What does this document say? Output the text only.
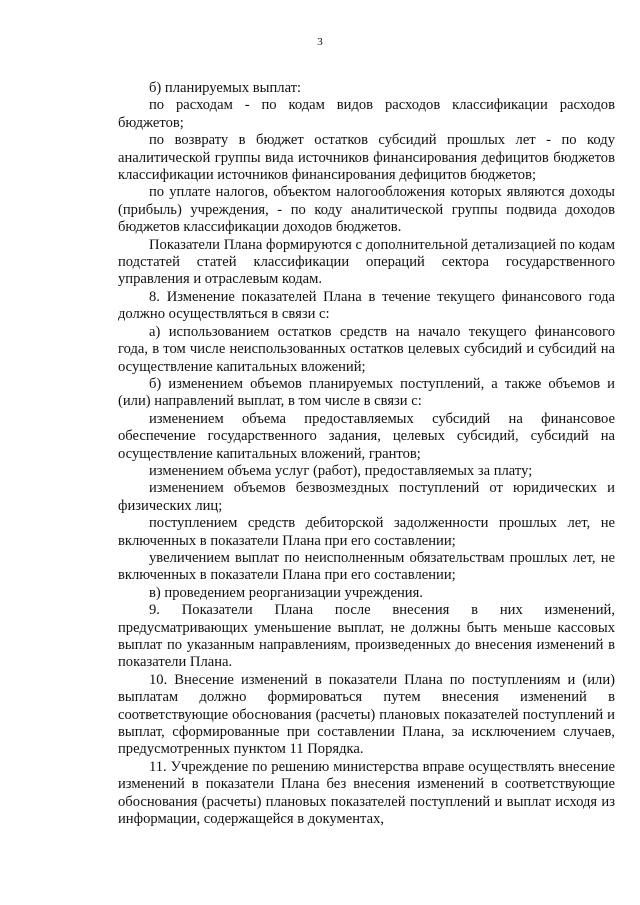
3

б) планируемых выплат:

по расходам - по кодам видов расходов классификации расходов бюджетов;

по возврату в бюджет остатков субсидий прошлых лет - по коду аналитической группы вида источников финансирования дефицитов бюджетов классификации источников финансирования дефицитов бюджетов;

по уплате налогов, объектом налогообложения которых являются доходы (прибыль) учреждения, - по коду аналитической группы подвида доходов бюджетов классификации доходов бюджетов.

Показатели Плана формируются с дополнительной детализацией по кодам подстатей статей классификации операций сектора государственного управления и отраслевым кодам.

8. Изменение показателей Плана в течение текущего финансового года должно осуществляться в связи с:

а) использованием остатков средств на начало текущего финансового года, в том числе неиспользованных остатков целевых субсидий и субсидий на осуществление капитальных вложений;

б) изменением объемов планируемых поступлений, а также объемов и (или) направлений выплат, в том числе в связи с:

изменением объема предоставляемых субсидий на финансовое обеспечение государственного задания, целевых субсидий, субсидий на осуществление капитальных вложений, грантов;

изменением объема услуг (работ), предоставляемых за плату;

изменением объемов безвозмездных поступлений от юридических и физических лиц;

поступлением средств дебиторской задолженности прошлых лет, не включенных в показатели Плана при его составлении;

увеличением выплат по неисполненным обязательствам прошлых лет, не включенных в показатели Плана при его составлении;

в) проведением реорганизации учреждения.

9. Показатели Плана после внесения в них изменений, предусматривающих уменьшение выплат, не должны быть меньше кассовых выплат по указанным направлениям, произведенных до внесения изменений в показатели Плана.

10. Внесение изменений в показатели Плана по поступлениям и (или) выплатам должно формироваться путем внесения изменений в соответствующие обоснования (расчеты) плановых показателей поступлений и выплат, сформированные при составлении Плана, за исключением случаев, предусмотренных пунктом 11 Порядка.

11. Учреждение по решению министерства вправе осуществлять внесение изменений в показатели Плана без внесения изменений в соответствующие обоснования (расчеты) плановых показателей поступлений и выплат исходя из информации, содержащейся в документах,
